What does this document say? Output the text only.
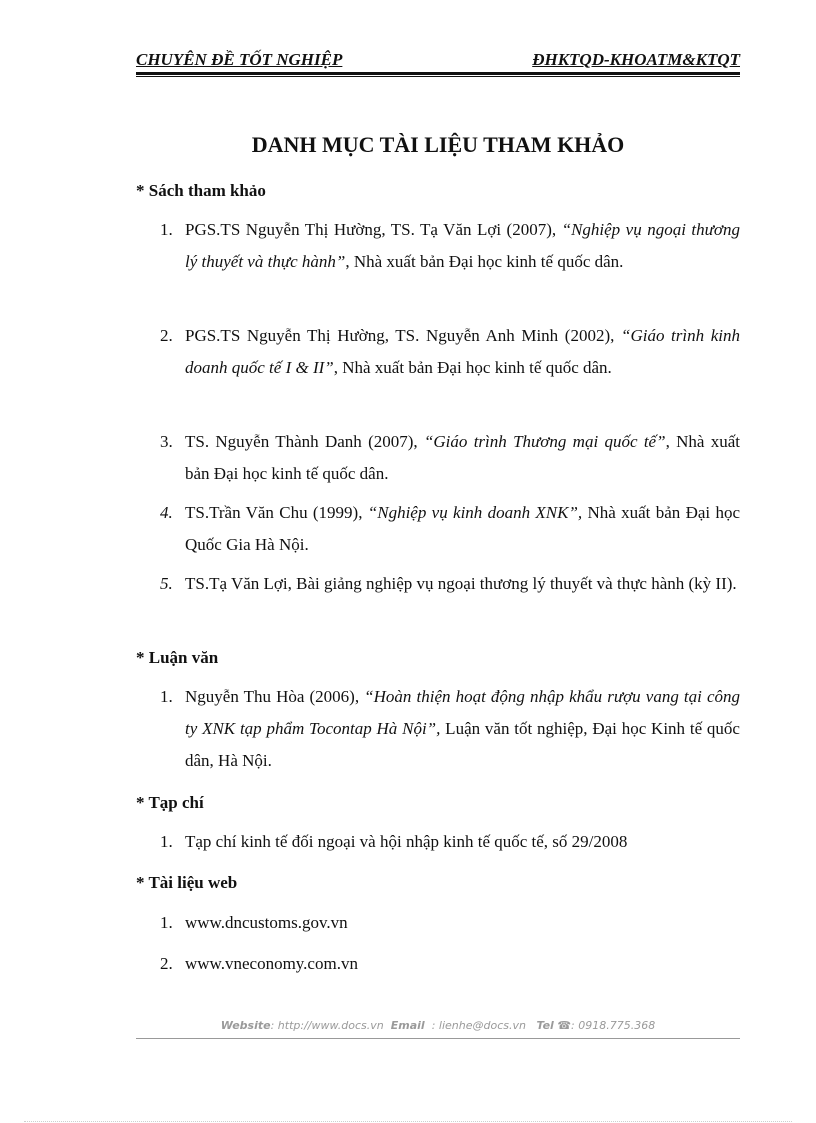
CHUYÊN ĐỀ TỐT NGHIỆP	ĐHKTQD-KHOATM&KTQT
DANH MỤC TÀI LIỆU THAM KHẢO
* Sách tham khảo
1. PGS.TS Nguyễn Thị Hường, TS. Tạ Văn Lợi (2007), “Nghiệp vụ ngoại thương lý thuyết và thực hành”, Nhà xuất bản Đại học kinh tế quốc dân.
2. PGS.TS Nguyễn Thị Hường, TS. Nguyễn Anh Minh (2002), “Giáo trình kinh doanh quốc tế I & II”, Nhà xuất bản Đại học kinh tế quốc dân.
3. TS. Nguyễn Thành Danh (2007), “Giáo trình Thương mại quốc tế”, Nhà xuất bản Đại học kinh tế quốc dân.
4. TS.Trần Văn Chu (1999), “Nghiệp vụ kinh doanh XNK”, Nhà xuất bản Đại học Quốc Gia Hà Nội.
5. TS.Tạ Văn Lợi, Bài giảng nghiệp vụ ngoại thương lý thuyết và thực hành (kỳ II).
* Luận văn
1. Nguyễn Thu Hòa (2006), “Hoàn thiện hoạt động nhập khẩu rượu vang tại công ty XNK tạp phẩm Tocontap Hà Nội”, Luận văn tốt nghiệp, Đại học Kinh tế quốc dân, Hà Nội.
* Tạp chí
1. Tạp chí kinh tế đối ngoại và hội nhập kinh tế quốc tế, số 29/2008
* Tài liệu web
1. www.dncustoms.gov.vn
2. www.vneconomy.com.vn
Website: http://www.docs.vn Email : lienhe@docs.vn Tel ☎: 0918.775.368
